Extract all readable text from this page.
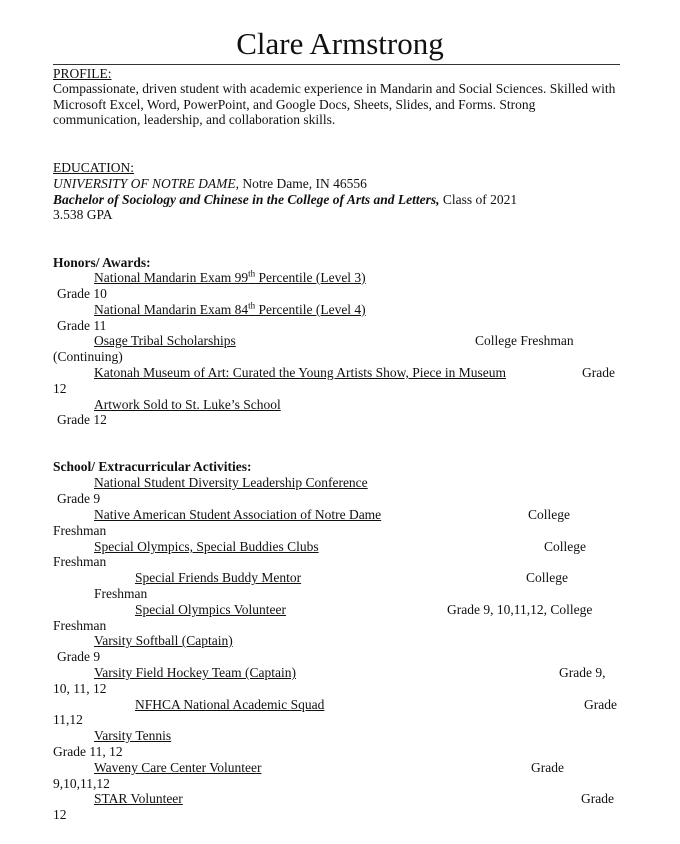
Clare Armstrong
PROFILE:
Compassionate, driven student with academic experience in Mandarin and Social Sciences. Skilled with
Microsoft Excel, Word, PowerPoint, and Google Docs, Sheets, Slides, and Forms. Strong
communication, leadership, and collaboration skills.
EDUCATION:
UNIVERSITY OF NOTRE DAME, Notre Dame, IN 46556
Bachelor of Sociology and Chinese in the College of Arts and Letters, Class of 2021
3.538 GPA
Honors/ Awards:
National Mandarin Exam 99th Percentile (Level 3)
Grade 10
National Mandarin Exam 84th Percentile (Level 4)
Grade 11
Osage Tribal Scholarships	College Freshman
(Continuing)
Katonah Museum of Art: Curated the Young Artists Show, Piece in Museum	Grade
12
Artwork Sold to St. Luke’s School
Grade 12
School/ Extracurricular Activities:
National Student Diversity Leadership Conference
Grade 9
Native American Student Association of Notre Dame	College
Freshman
Special Olympics, Special Buddies Clubs	College
Freshman
Special Friends Buddy Mentor	College
Freshman
Special Olympics Volunteer	Grade 9, 10,11,12, College
Freshman
Varsity Softball (Captain)
Grade 9
Varsity Field Hockey Team (Captain)	Grade 9,
10, 11, 12
NFHCA National Academic Squad	Grade
11,12
Varsity Tennis
Grade 11, 12
Waveny Care Center Volunteer	Grade
9,10,11,12
STAR Volunteer	Grade
12
